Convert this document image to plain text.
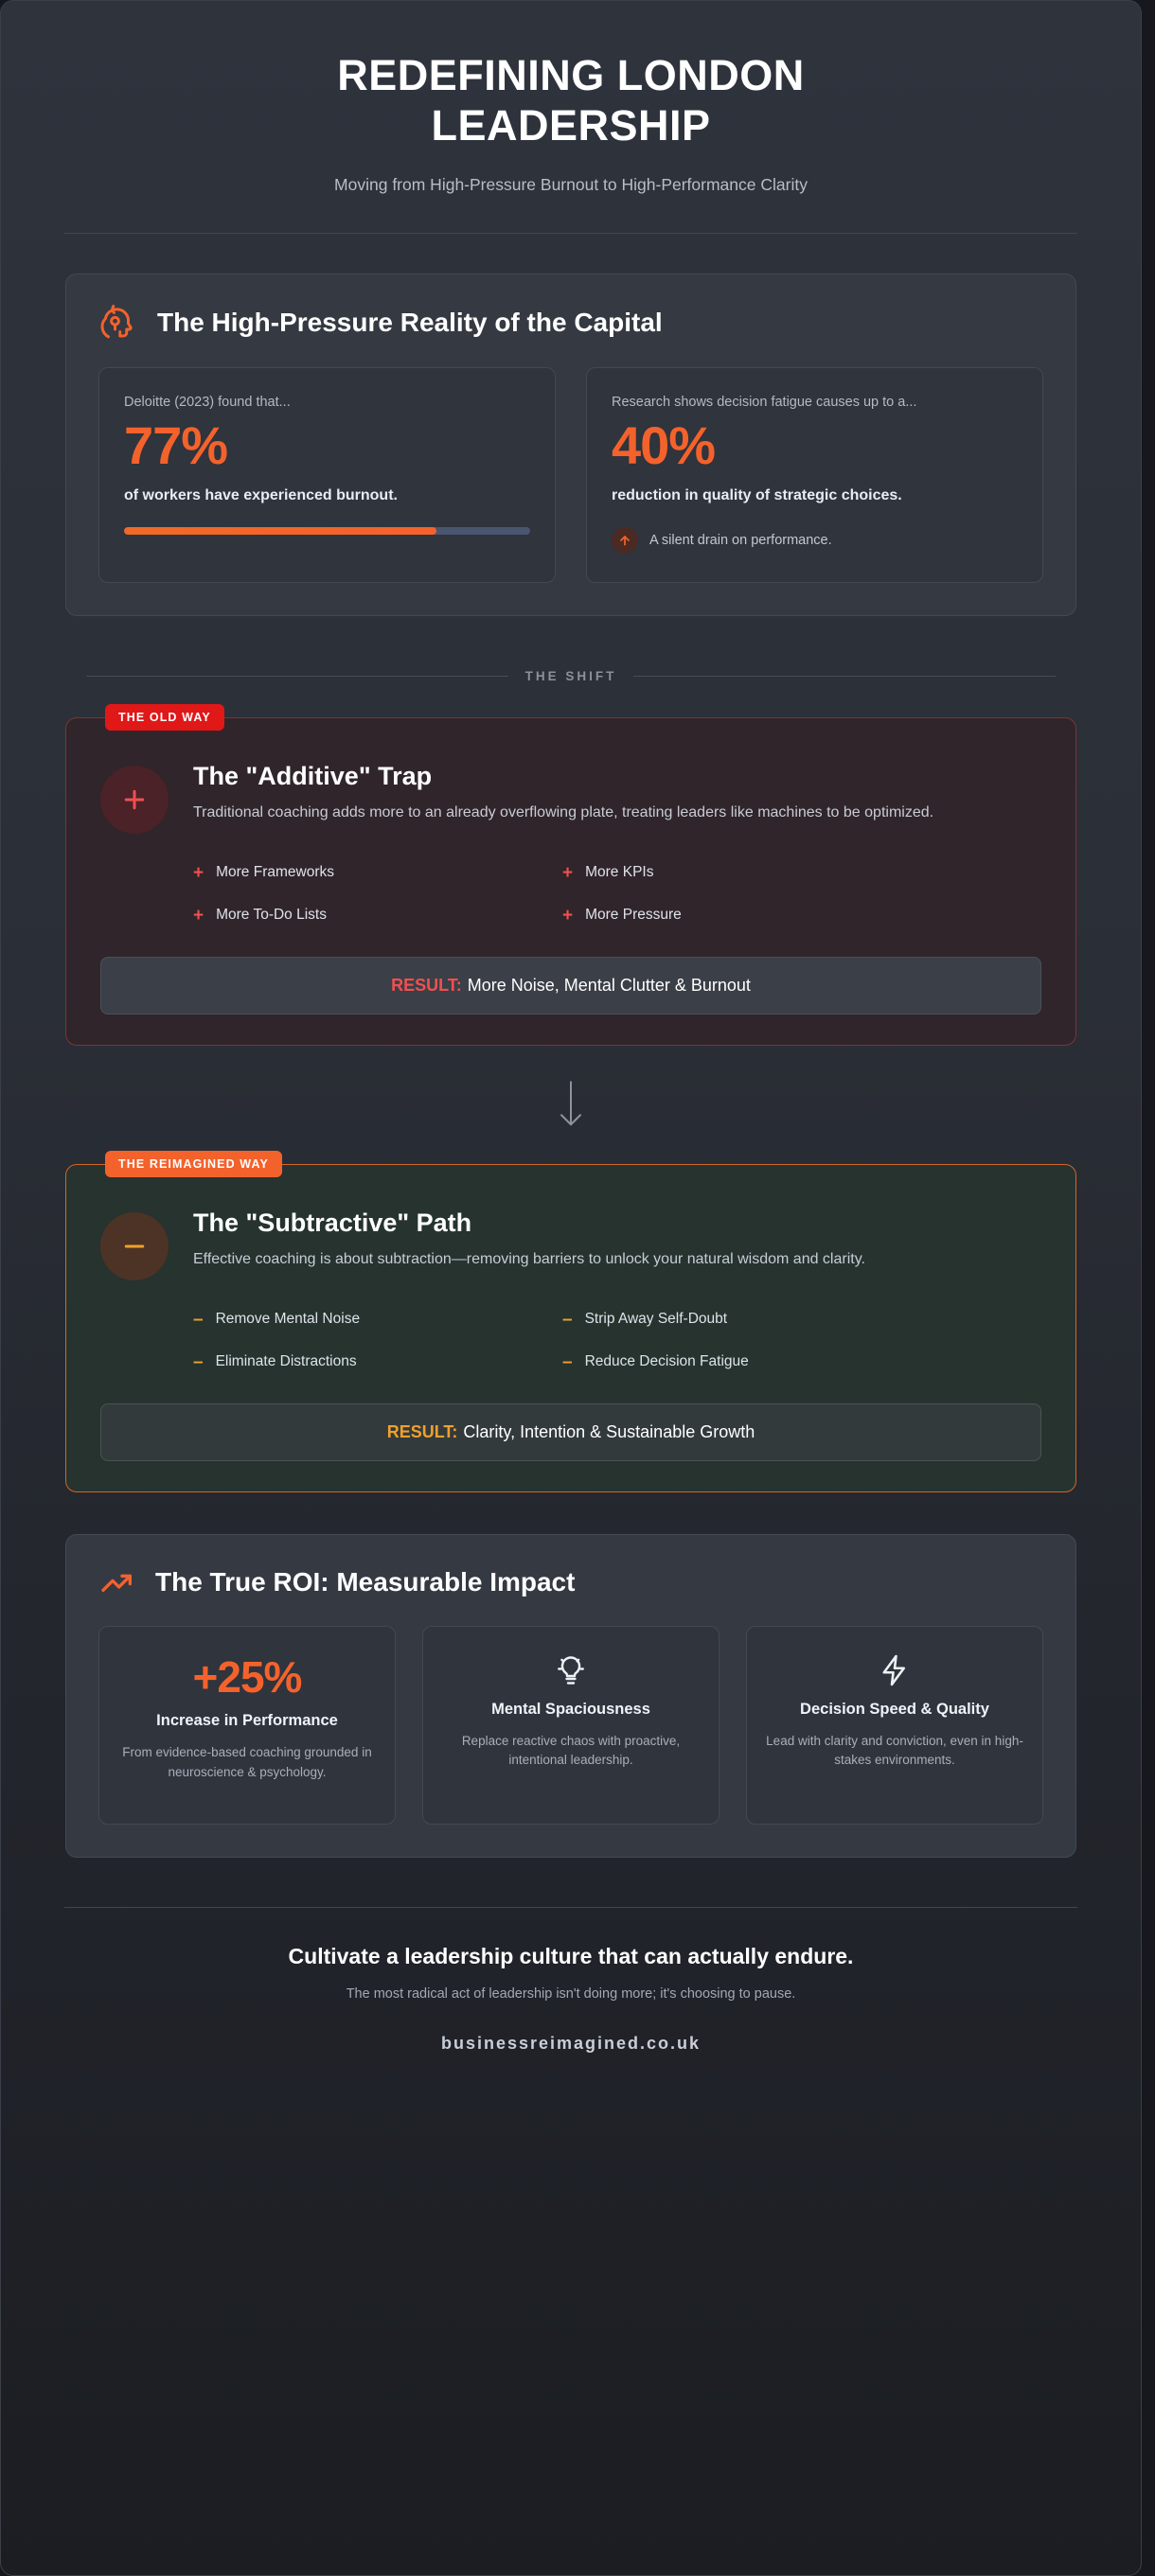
REDEFINING LONDON LEADERSHIP
Moving from High-Pressure Burnout to High-Performance Clarity
The High-Pressure Reality of the Capital
Deloitte (2023) found that...
77%
of workers have experienced burnout.
Research shows decision fatigue causes up to a...
40%
reduction in quality of strategic choices.
A silent drain on performance.
THE SHIFT
THE OLD WAY
The "Additive" Trap
Traditional coaching adds more to an already overflowing plate, treating leaders like machines to be optimized.
+ More Frameworks	+ More KPIs
+ More To-Do Lists	+ More Pressure
RESULT: More Noise, Mental Clutter & Burnout
THE REIMAGINED WAY
The "Subtractive" Path
Effective coaching is about subtraction—removing barriers to unlock your natural wisdom and clarity.
– Remove Mental Noise	– Strip Away Self-Doubt
– Eliminate Distractions	– Reduce Decision Fatigue
RESULT: Clarity, Intention & Sustainable Growth
The True ROI: Measurable Impact
+25%
Increase in Performance
From evidence-based coaching grounded in neuroscience & psychology.
Mental Spaciousness
Replace reactive chaos with proactive, intentional leadership.
Decision Speed & Quality
Lead with clarity and conviction, even in high-stakes environments.
Cultivate a leadership culture that can actually endure.
The most radical act of leadership isn't doing more; it's choosing to pause.
businessreimagined.co.uk
